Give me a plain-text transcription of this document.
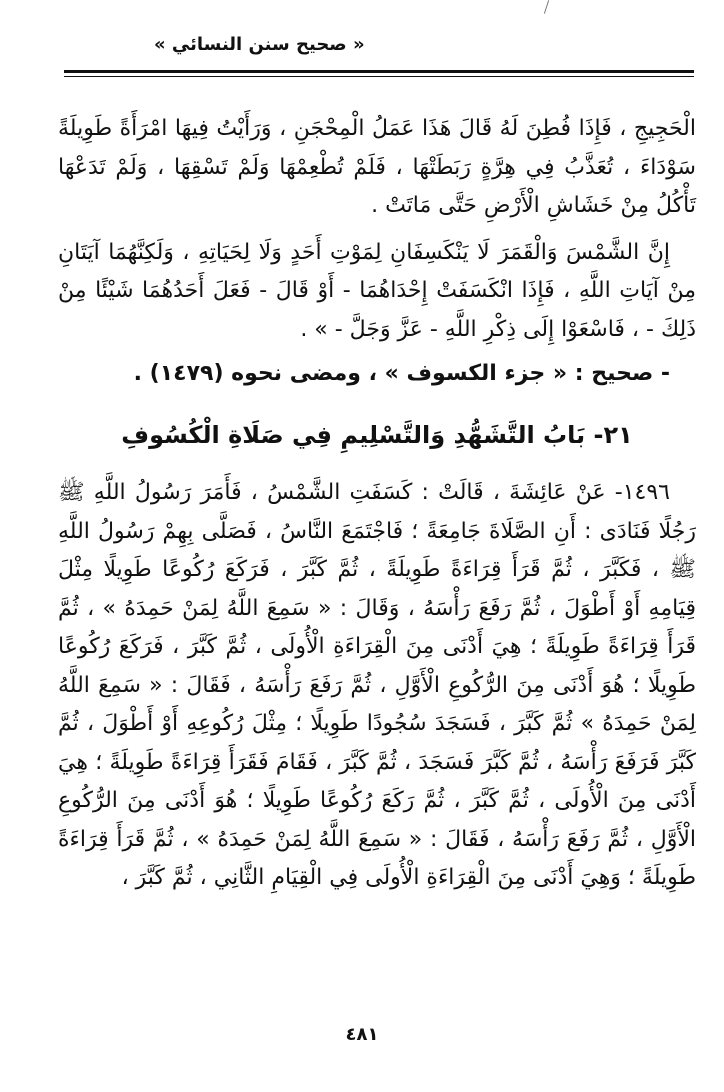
« صحيح سنن النسائي »

الْحَجِيجِ ، فَإِذَا فُطِنَ لَهُ قَالَ هَذَا عَمَلُ الْمِحْجَنِ ، وَرَأَيْتُ فِيهَا امْرَأَةً طَوِيلَةً سَوْدَاءَ ، تُعَذَّبُ فِي هِرَّةٍ رَبَطَتْهَا ، فَلَمْ تُطْعِمْهَا وَلَمْ تَسْقِهَا ، وَلَمْ تَدَعْهَا تَأْكُلُ مِنْ خَشَاشِ الْأَرْضِ حَتَّى مَاتَتْ .

إِنَّ الشَّمْسَ وَالْقَمَرَ لَا يَنْكَسِفَانِ لِمَوْتِ أَحَدٍ وَلَا لِحَيَاتِهِ ، وَلَكِنَّهُمَا آيَتَانِ مِنْ آيَاتِ اللَّهِ ، فَإِذَا انْكَسَفَتْ إِحْدَاهُمَا - أَوْ قَالَ - فَعَلَ أَحَدُهُمَا شَيْئًا مِنْ ذَلِكَ - ، فَاسْعَوْا إِلَى ذِكْرِ اللَّهِ - عَزَّ وَجَلَّ - » .

- صحيح : « جزء الكسوف » ، ومضى نحوه (١٤٧٩) .

٢١- بَابُ التَّشَهُّدِ وَالتَّسْلِيمِ فِي صَلَاةِ الْكُسُوفِ

١٤٩٦- عَنْ عَائِشَةَ ، قَالَتْ : كَسَفَتِ الشَّمْسُ ، فَأَمَرَ رَسُولُ اللَّهِ ﷺ رَجُلًا فَنَادَى : أَنِ الصَّلَاةَ جَامِعَةً ؛ فَاجْتَمَعَ النَّاسُ ، فَصَلَّى بِهِمْ رَسُولُ اللَّهِ ﷺ ، فَكَبَّرَ ، ثُمَّ قَرَأَ قِرَاءَةً طَوِيلَةً ، ثُمَّ كَبَّرَ ، فَرَكَعَ رُكُوعًا طَوِيلًا مِثْلَ قِيَامِهِ أَوْ أَطْوَلَ ، ثُمَّ رَفَعَ رَأْسَهُ ، وَقَالَ : « سَمِعَ اللَّهُ لِمَنْ حَمِدَهُ » ، ثُمَّ قَرَأَ قِرَاءَةً طَوِيلَةً ؛ هِيَ أَدْنَى مِنَ الْقِرَاءَةِ الْأُولَى ، ثُمَّ كَبَّرَ ، فَرَكَعَ رُكُوعًا طَوِيلًا ؛ هُوَ أَدْنَى مِنَ الرُّكُوعِ الْأَوَّلِ ، ثُمَّ رَفَعَ رَأْسَهُ ، فَقَالَ : « سَمِعَ اللَّهُ لِمَنْ حَمِدَهُ » ثُمَّ كَبَّرَ ، فَسَجَدَ سُجُودًا طَوِيلًا ؛ مِثْلَ رُكُوعِهِ أَوْ أَطْوَلَ ، ثُمَّ كَبَّرَ فَرَفَعَ رَأْسَهُ ، ثُمَّ كَبَّرَ فَسَجَدَ ، ثُمَّ كَبَّرَ ، فَقَامَ فَقَرَأَ قِرَاءَةً طَوِيلَةً ؛ هِيَ أَدْنَى مِنَ الْأُولَى ، ثُمَّ كَبَّرَ ، ثُمَّ رَكَعَ رُكُوعًا طَوِيلًا ؛ هُوَ أَدْنَى مِنَ الرُّكُوعِ الْأَوَّلِ ، ثُمَّ رَفَعَ رَأْسَهُ ، فَقَالَ : « سَمِعَ اللَّهُ لِمَنْ حَمِدَهُ » ، ثُمَّ قَرَأَ قِرَاءَةً طَوِيلَةً ؛ وَهِيَ أَدْنَى مِنَ الْقِرَاءَةِ الْأُولَى فِي الْقِيَامِ الثَّانِي ، ثُمَّ كَبَّرَ ،

٤٨١
